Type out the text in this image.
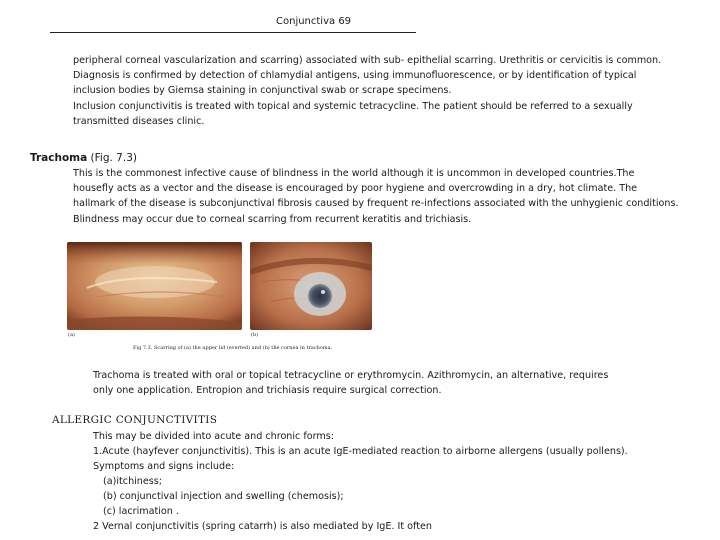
Conjunctiva 69

peripheral corneal vascularization and scarring) associated with sub- epithelial scarring. Urethritis or cervicitis is common.
Diagnosis is confirmed by detection of chlamydial antigens, using immunofluorescence, or by identification of typical
inclusion bodies by Giemsa staining in conjunctival swab or scrape specimens.
Inclusion conjunctivitis is treated with topical and systemic tetracycline. The patient should be referred to a sexually
transmitted diseases clinic.

Trachoma (Fig. 7.3)

This is the commonest infective cause of blindness in the world although it is uncommon in developed countries.The
housefly acts as a vector and the disease is encouraged by poor hygiene and overcrowding in a dry, hot climate. The
hallmark of the disease is subconjunctival fibrosis caused by frequent re-infections associated with the unhygienic conditions.
Blindness may occur due to corneal scarring from recurrent keratitis and trichiasis.

(a)	(b)
Fig 7.3. Scarring of (a) the upper lid (everted) and (b) the cornea in trachoma.

Trachoma is treated with oral or topical tetracycline or erythromycin. Azithromycin, an alternative, requires
only one application. Entropion and trichiasis require surgical correction.

ALLERGIC CONJUNCTIVITIS
This may be divided into acute and chronic forms:
1.Acute (hayfever conjunctivitis). This is an acute IgE-mediated reaction to airborne allergens (usually pollens).
Symptoms and signs include:
(a)itchiness;
(b) conjunctival injection and swelling (chemosis);
(c) lacrimation .
2 Vernal conjunctivitis (spring catarrh) is also mediated by IgE. It often
